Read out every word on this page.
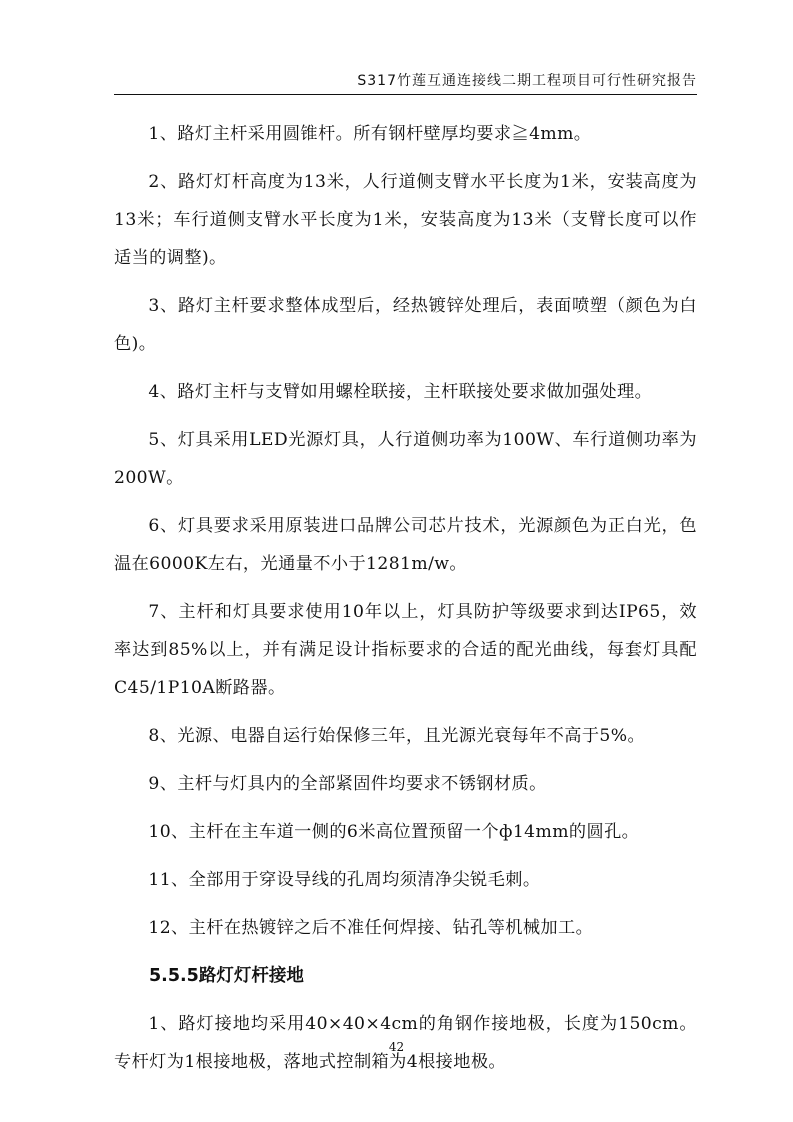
S317竹莲互通连接线二期工程项目可行性研究报告

1、路灯主杆采用圆锥杆。所有钢杆壁厚均要求≧4mm。

2、路灯灯杆高度为13米，人行道侧支臂水平长度为1米，安装高度为13米；车行道侧支臂水平长度为1米，安装高度为13米（支臂长度可以作适当的调整)。

3、路灯主杆要求整体成型后，经热镀锌处理后，表面喷塑（颜色为白色)。

4、路灯主杆与支臂如用螺栓联接，主杆联接处要求做加强处理。

5、灯具采用LED光源灯具，人行道侧功率为100W、车行道侧功率为200W。

6、灯具要求采用原装进口品牌公司芯片技术，光源颜色为正白光，色温在6000K左右，光通量不小于1281m/w。

7、主杆和灯具要求使用10年以上，灯具防护等级要求到达IP65，效率达到85%以上，并有满足设计指标要求的合适的配光曲线，每套灯具配C45/1P10A断路器。

8、光源、电器自运行始保修三年，且光源光衰每年不高于5%。

9、主杆与灯具内的全部紧固件均要求不锈钢材质。

10、主杆在主车道一侧的6米高位置预留一个ф14mm的圆孔。

11、全部用于穿设导线的孔周均须清净尖锐毛刺。

12、主杆在热镀锌之后不准任何焊接、钻孔等机械加工。

5.5.5路灯灯杆接地

1、路灯接地均采用40×40×4cm的角钢作接地极，长度为150cm。专杆灯为1根接地极，落地式控制箱为4根接地极。

42
